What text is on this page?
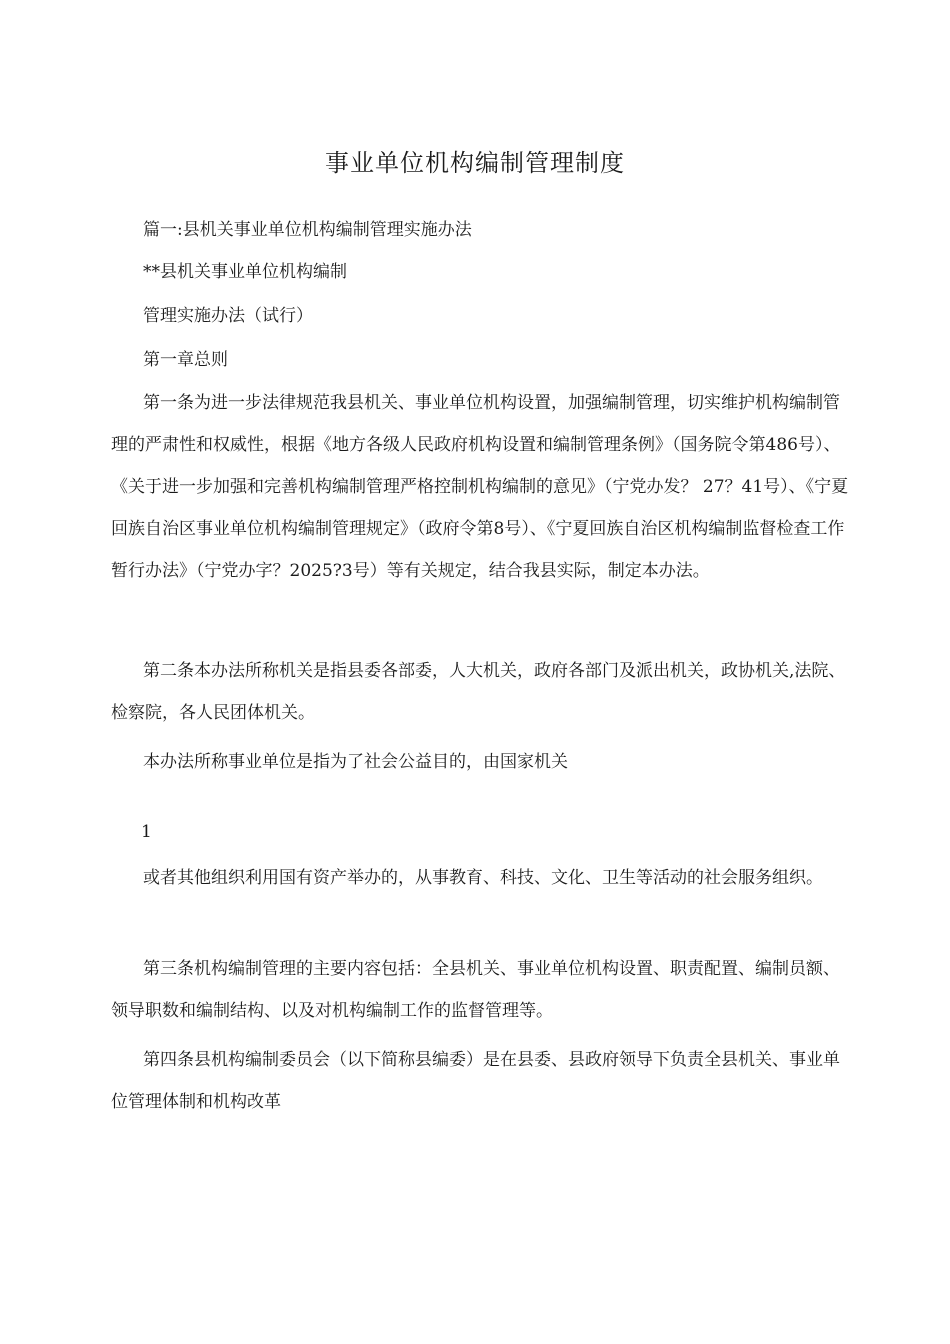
事业单位机构编制管理制度

篇一:县机关事业单位机构编制管理实施办法

**县机关事业单位机构编制

管理实施办法（试行）

第一章总则

第一条为进一步法律规范我县机关、事业单位机构设置，加强编制管理，切实维护机构编制管理的严肃性和权威性，根据《地方各级人民政府机构设置和编制管理条例》（国务院令第486号）、《关于进一步加强和完善机构编制管理严格控制机构编制的意见》（宁党办发？ 27？41号）、《宁夏回族自治区事业单位机构编制管理规定》（政府令第8号）、《宁夏回族自治区机构编制监督检查工作暂行办法》（宁党办字？2025?3号）等有关规定，结合我县实际，制定本办法。

第二条本办法所称机关是指县委各部委，人大机关，政府各部门及派出机关，政协机关,法院、检察院，各人民团体机关。

本办法所称事业单位是指为了社会公益目的，由国家机关

1

或者其他组织利用国有资产举办的，从事教育、科技、文化、卫生等活动的社会服务组织。

第三条机构编制管理的主要内容包括：全县机关、事业单位机构设置、职责配置、编制员额、领导职数和编制结构、以及对机构编制工作的监督管理等。

第四条县机构编制委员会（以下简称县编委）是在县委、县政府领导下负责全县机关、事业单位管理体制和机构改革
